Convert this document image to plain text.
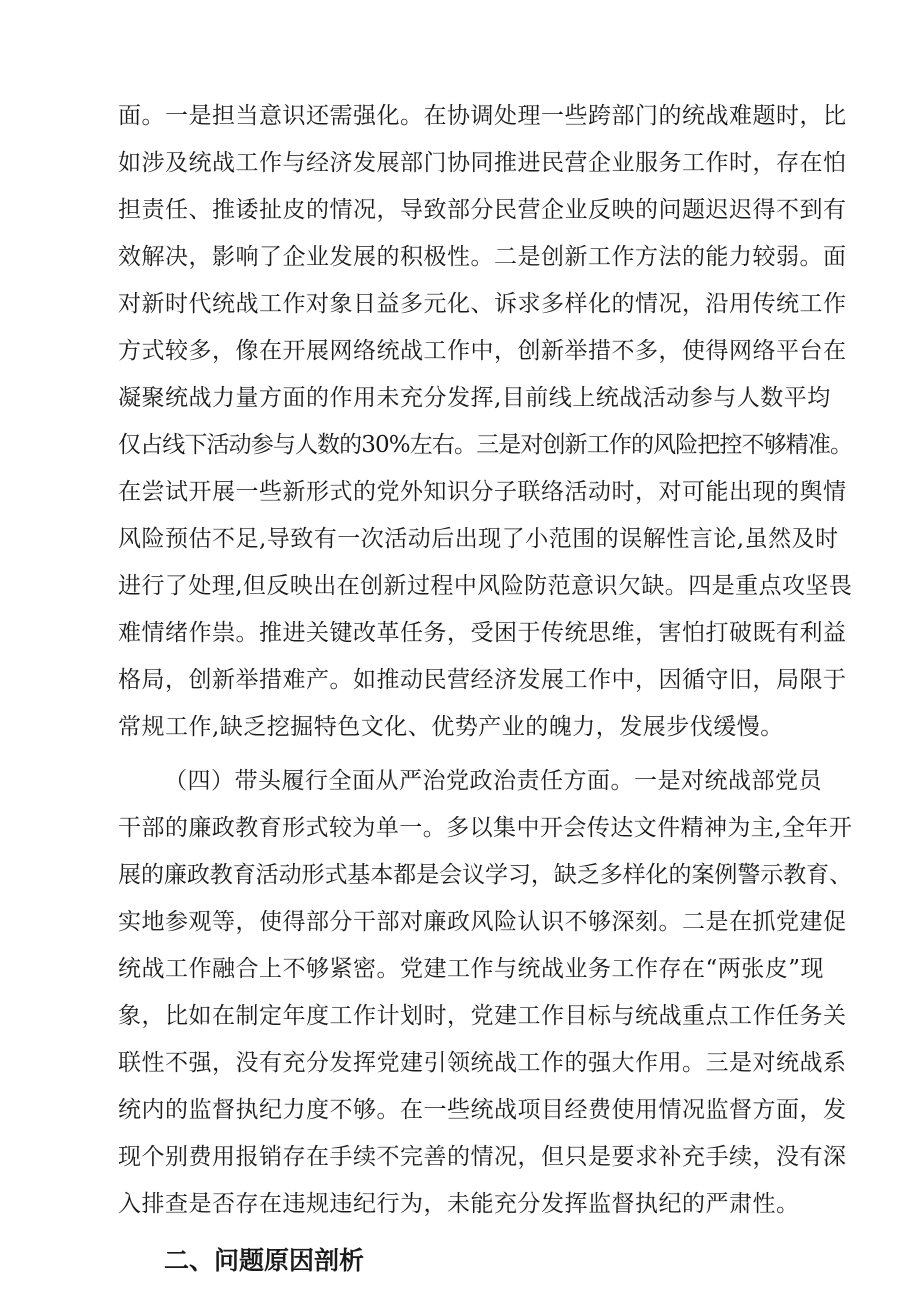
面。一是担当意识还需强化。在协调处理一些跨部门的统战难题时，比
如涉及统战工作与经济发展部门协同推进民营企业服务工作时，存在怕
担责任、推诿扯皮的情况，导致部分民营企业反映的问题迟迟得不到有
效解决，影响了企业发展的积极性。二是创新工作方法的能力较弱。面
对新时代统战工作对象日益多元化、诉求多样化的情况，沿用传统工作
方式较多，像在开展网络统战工作中，创新举措不多，使得网络平台在
凝聚统战力量方面的作用未充分发挥,目前线上统战活动参与人数平均
仅占线下活动参与人数的30%左右。三是对创新工作的风险把控不够精准。
在尝试开展一些新形式的党外知识分子联络活动时，对可能出现的舆情
风险预估不足,导致有一次活动后出现了小范围的误解性言论,虽然及时
进行了处理,但反映出在创新过程中风险防范意识欠缺。四是重点攻坚畏
难情绪作祟。推进关键改革任务，受困于传统思维，害怕打破既有利益
格局，创新举措难产。如推动民营经济发展工作中，因循守旧，局限于
常规工作,缺乏挖掘特色文化、优势产业的魄力，发展步伐缓慢。
（四）带头履行全面从严治党政治责任方面。一是对统战部党员
干部的廉政教育形式较为单一。多以集中开会传达文件精神为主,全年开
展的廉政教育活动形式基本都是会议学习，缺乏多样化的案例警示教育、
实地参观等，使得部分干部对廉政风险认识不够深刻。二是在抓党建促
统战工作融合上不够紧密。党建工作与统战业务工作存在“两张皮”现
象，比如在制定年度工作计划时，党建工作目标与统战重点工作任务关
联性不强，没有充分发挥党建引领统战工作的强大作用。三是对统战系
统内的监督执纪力度不够。在一些统战项目经费使用情况监督方面，发
现个别费用报销存在手续不完善的情况，但只是要求补充手续，没有深
入排查是否存在违规违纪行为，未能充分发挥监督执纪的严肃性。
二、问题原因剖析
